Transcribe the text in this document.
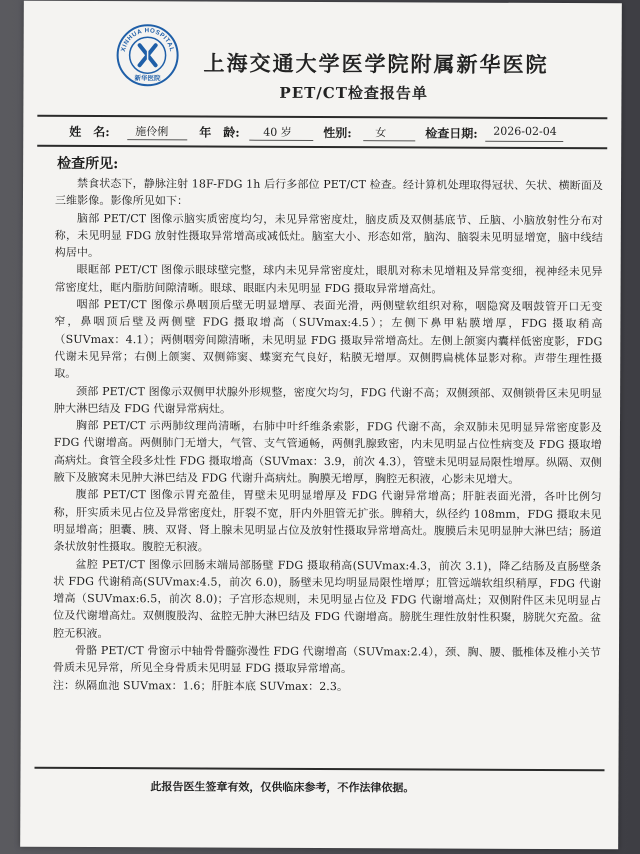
XINHUA HOSPITAL
新华医院
上海交通大学医学院附属新华医院
PET/CT检查报告单
姓　名: 施伶俐	年　龄: 40 岁	性别: 女	检查日期: 2026-02-04
检查所见:

禁食状态下，静脉注射 18F-FDG 1h 后行多部位 PET/CT 检查。经计算机处理取得冠状、矢状、横断面及三维影像。影像所见如下：

脑部 PET/CT 图像示脑实质密度均匀，未见异常密度灶，脑皮质及双侧基底节、丘脑、小脑放射性分布对称，未见明显 FDG 放射性摄取异常增高或减低灶。脑室大小、形态如常，脑沟、脑裂未见明显增宽，脑中线结构居中。

眼眶部 PET/CT 图像示眼球壁完整，球内未见异常密度灶，眼肌对称未见增粗及异常变细，视神经未见异常密度灶，眶内脂肪间隙清晰。眼球、眼眶内未见明显 FDG 摄取异常增高灶。

咽部 PET/CT 图像示鼻咽顶后壁无明显增厚、表面光滑，两侧壁软组织对称，咽隐窝及咽鼓管开口无变窄，鼻咽顶后壁及两侧壁 FDG 摄取增高（SUVmax:4.5）；左侧下鼻甲粘膜增厚，FDG 摄取稍高（SUVmax：4.1）；两侧咽旁间隙清晰，未见明显 FDG 摄取异常增高灶。左侧上颌窦内囊样低密度影，FDG 代谢未见异常；右侧上颌窦、双侧筛窦、蝶窦充气良好，粘膜无增厚。双侧腭扁桃体显影对称。声带生理性摄取。

颈部 PET/CT 图像示双侧甲状腺外形规整，密度欠均匀，FDG 代谢不高；双侧颈部、双侧锁骨区未见明显肿大淋巴结及 FDG 代谢异常病灶。

胸部 PET/CT 示两肺纹理尚清晰，右肺中叶纤维条索影，FDG 代谢不高，余双肺未见明显异常密度影及 FDG 代谢增高。两侧肺门无增大，气管、支气管通畅，两侧乳腺致密，内未见明显占位性病变及 FDG 摄取增高病灶。食管全段多灶性 FDG 摄取增高（SUVmax：3.9，前次 4.3），管壁未见明显局限性增厚。纵隔、双侧腋下及腋窝未见肿大淋巴结及 FDG 代谢升高病灶。胸膜无增厚，胸腔无积液，心影未见增大。

腹部 PET/CT 图像示胃充盈佳，胃壁未见明显增厚及 FDG 代谢异常增高；肝脏表面光滑，各叶比例匀称，肝实质未见占位及异常密度灶，肝裂不宽，肝内外胆管无扩张。脾稍大，纵径约 108mm，FDG 摄取未见明显增高；胆囊、胰、双肾、肾上腺未见明显占位及放射性摄取异常增高灶。腹膜后未见明显肿大淋巴结；肠道条状放射性摄取。腹腔无积液。

盆腔 PET/CT 图像示回肠末端局部肠壁 FDG 摄取稍高(SUVmax:4.3，前次 3.1)，降乙结肠及直肠壁条状 FDG 代谢稍高(SUVmax:4.5，前次 6.0)，肠壁未见均明显局限性增厚；肛管远端软组织稍厚，FDG 代谢增高（SUVmax:6.5，前次 8.0)；子宫形态规则，未见明显占位及 FDG 代谢增高灶；双侧附件区未见明显占位及代谢增高灶。双侧腹股沟、盆腔无肿大淋巴结及 FDG 代谢增高。膀胱生理性放射性积聚，膀胱欠充盈。盆腔无积液。

骨骼 PET/CT 骨窗示中轴骨骨髓弥漫性 FDG 代谢增高（SUVmax:2.4），颈、胸、腰、骶椎体及椎小关节骨质未见异常，所见全身骨质未见明显 FDG 摄取异常增高。

注：纵隔血池 SUVmax：1.6；肝脏本底 SUVmax：2.3。

此报告医生签章有效，仅供临床参考，不作法律依据。
